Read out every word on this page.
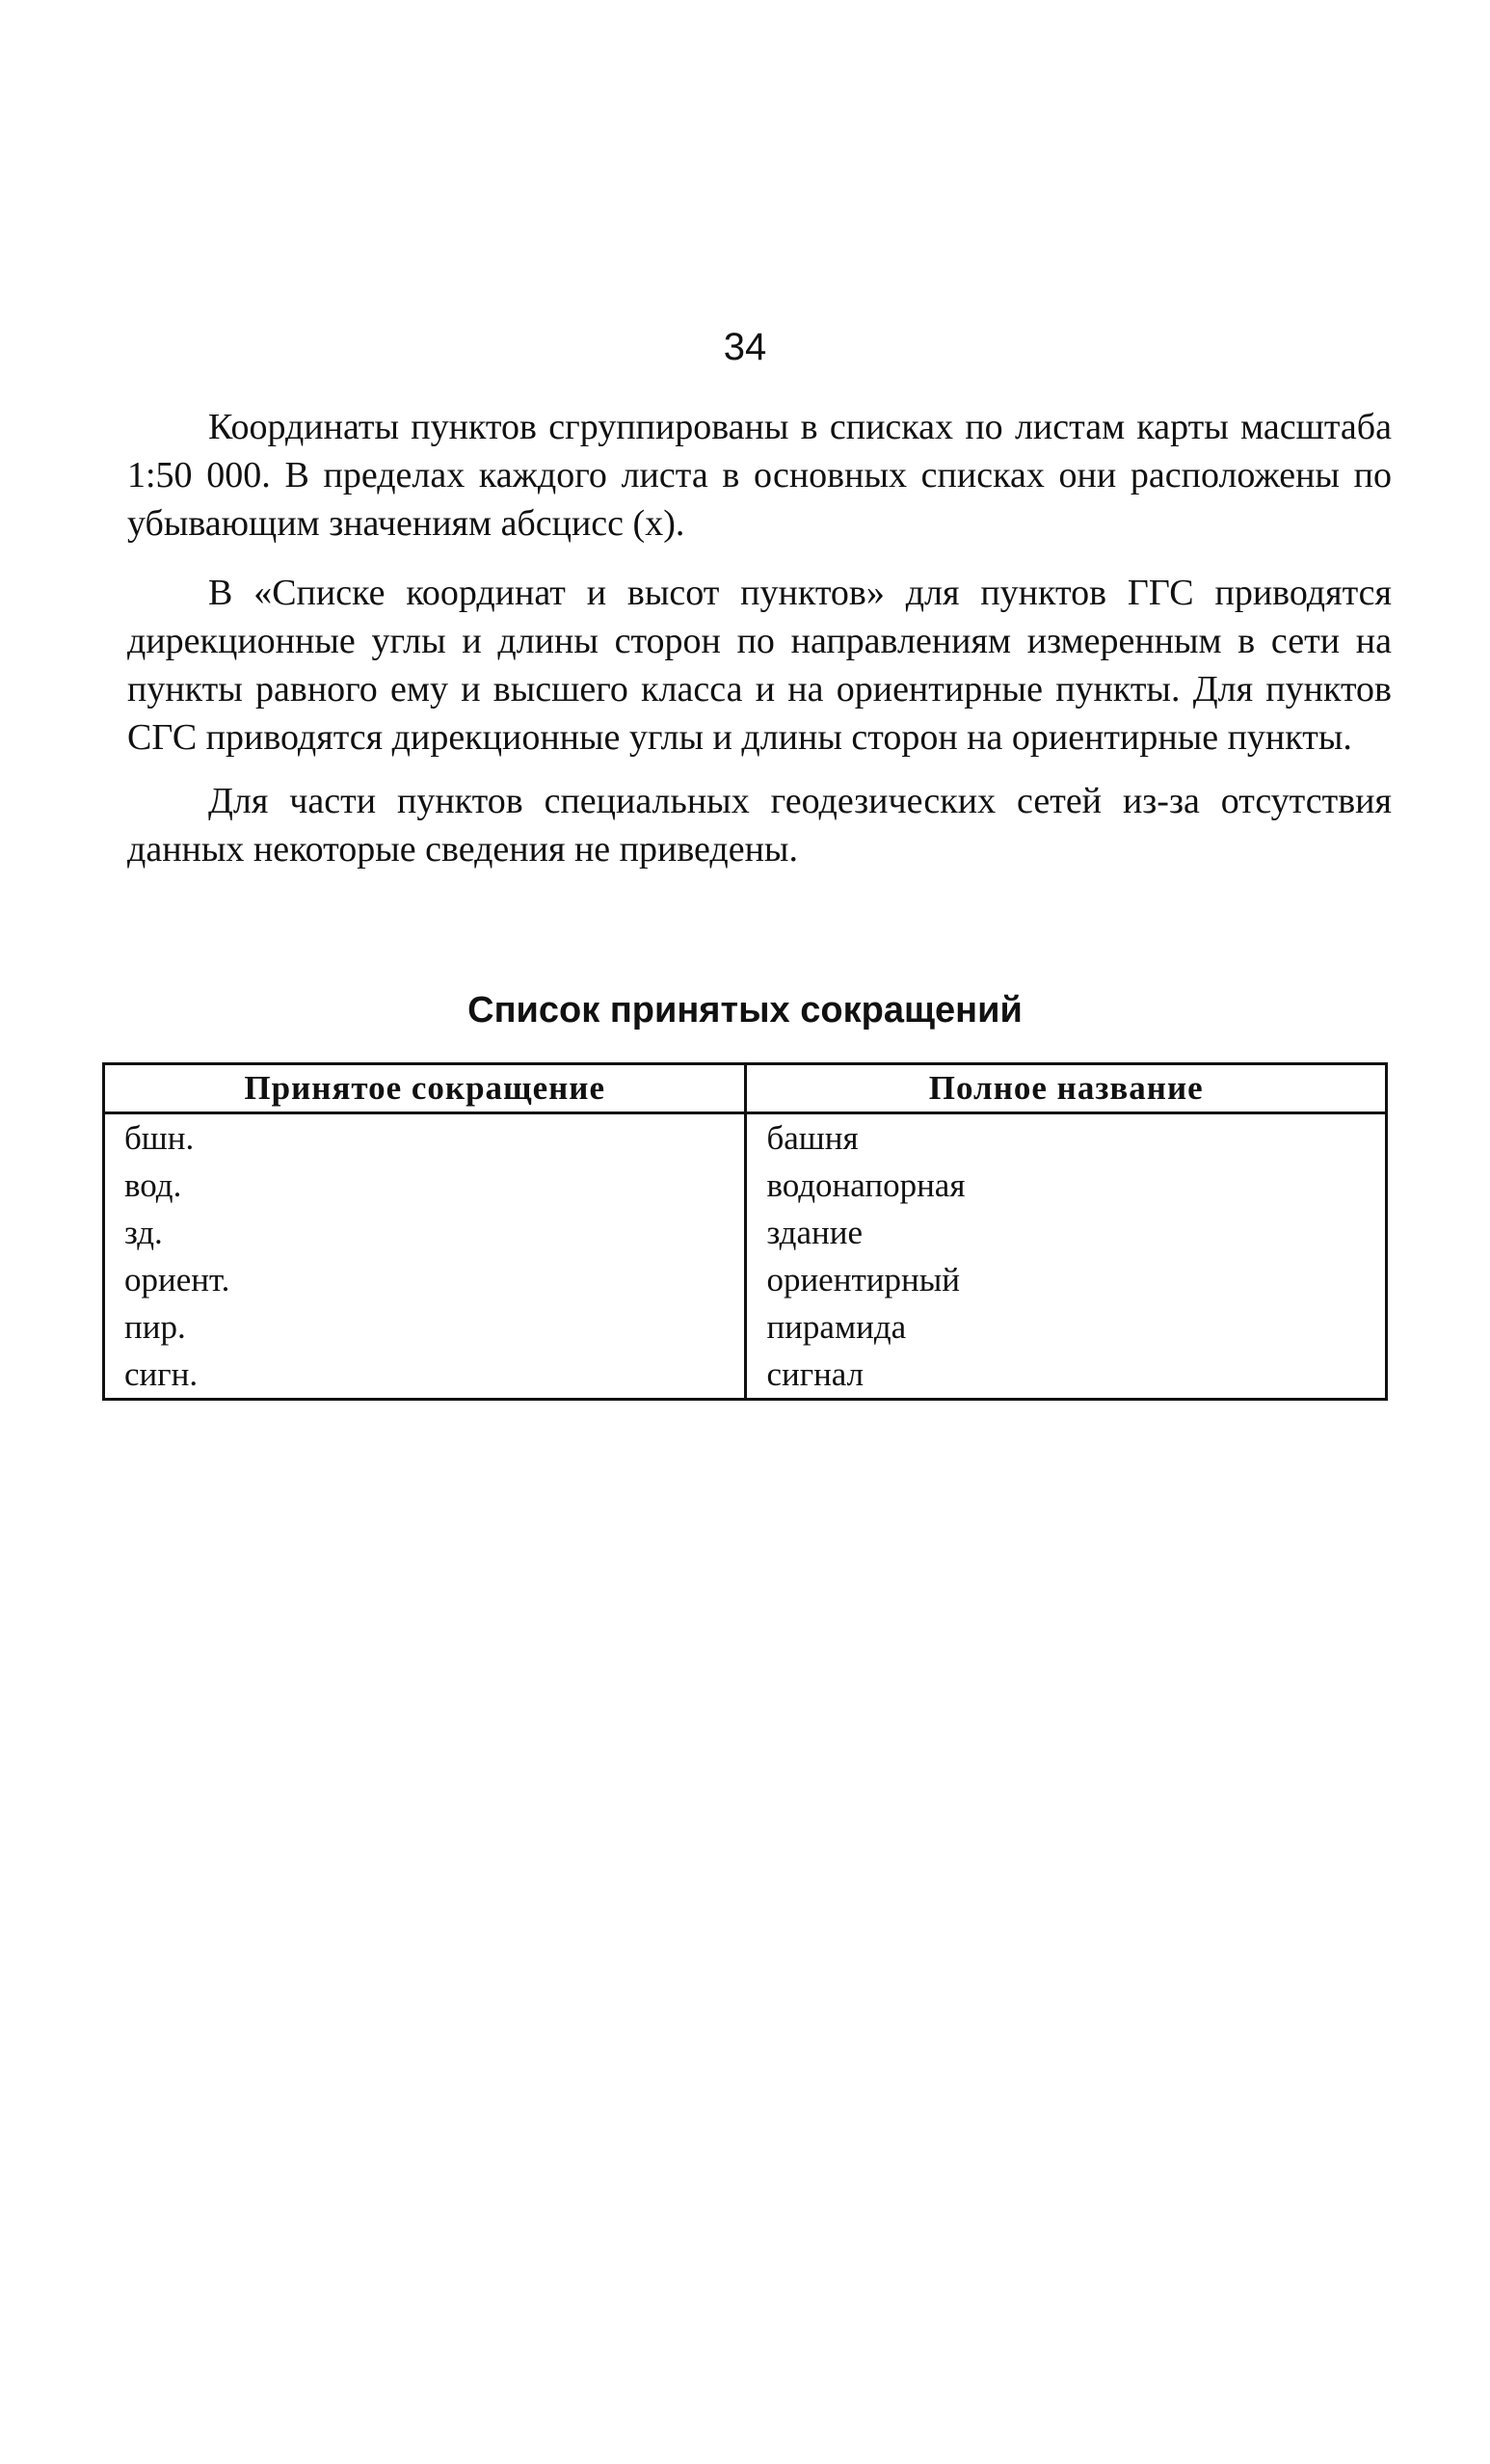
34

Координаты пунктов сгруппированы в списках по листам карты масштаба 1:50 000. В пределах каждого листа в основных списках они расположены по убывающим значениям абсцисс (x).

В «Списке координат и высот пунктов» для пунктов ГГС приводятся дирекционные углы и длины сторон по направлениям измеренным в сети на пункты равного ему и высшего класса и на ориентирные пункты. Для пунктов СГС приводятся дирекционные углы и длины сторон на ориентирные пункты.

Для части пунктов специальных геодезических сетей из-за отсутствия данных некоторые сведения не приведены.

Список принятых сокращений
Принятое сокращение	Полное название
бшн.	башня
вод.	водонапорная
зд.	здание
ориент.	ориентирный
пир.	пирамида
сигн.	сигнал
